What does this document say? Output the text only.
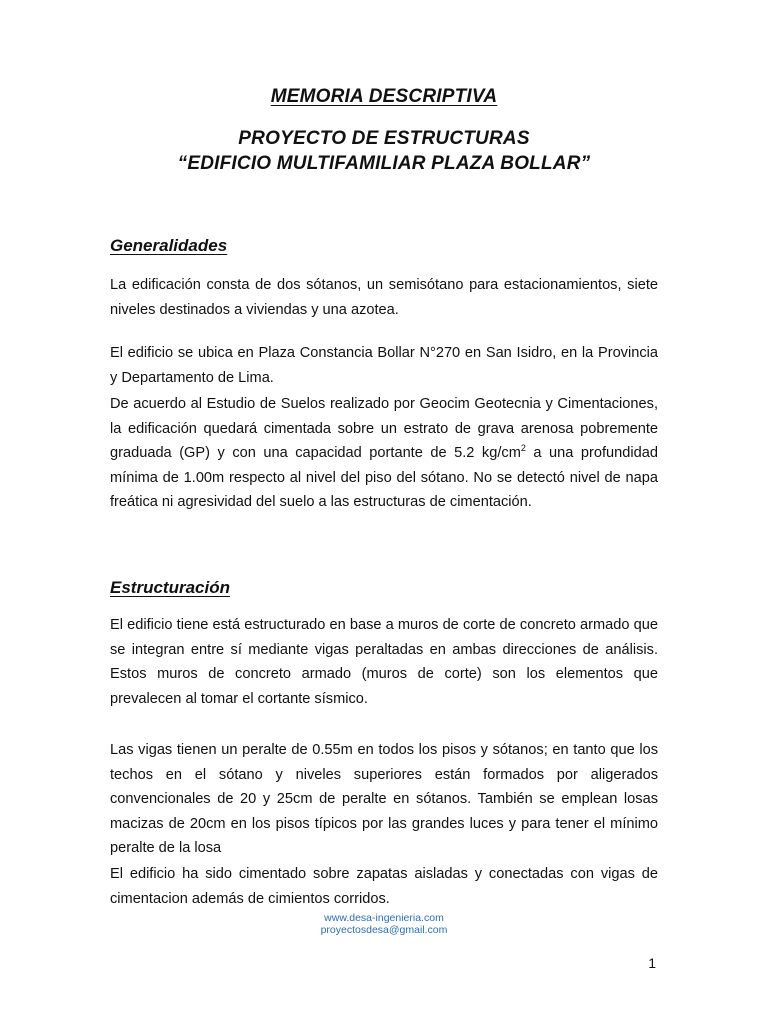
MEMORIA DESCRIPTIVA
PROYECTO DE ESTRUCTURAS
“EDIFICIO MULTIFAMILIAR PLAZA BOLLAR”
Generalidades

La edificación consta de dos sótanos, un semisótano para estacionamientos, siete niveles destinados a viviendas y una azotea.

El edificio se ubica en Plaza Constancia Bollar N°270 en San Isidro, en la Provincia y Departamento de Lima.

De acuerdo al Estudio de Suelos realizado por Geocim Geotecnia y Cimentaciones, la edificación quedará cimentada sobre un estrato de grava arenosa pobremente graduada (GP) y con una capacidad portante de 5.2 $kg/cm^2$ a una profundidad mínima de 1.00m respecto al nivel del piso del sótano. No se detectó nivel de napa freática ni agresividad del suelo a las estructuras de cimentación.

Estructuración

El edificio tiene está estructurado en base a muros de corte de concreto armado que se integran entre sí mediante vigas peraltadas en ambas direcciones de análisis. Estos muros de concreto armado (muros de corte) son los elementos que prevalecen al tomar el cortante sísmico.

Las vigas tienen un peralte de 0.55m en todos los pisos y sótanos; en tanto que los techos en el sótano y niveles superiores están formados por aligerados convencionales de 20 y 25cm de peralte en sótanos. También se emplean losas macizas de 20cm en los pisos típicos por las grandes luces y para tener el mínimo peralte de la losa

El edificio ha sido cimentado sobre zapatas aisladas y conectadas con vigas de cimentacion además de cimientos corridos.

www.desa-ingenieria.com
proyectosdesa@gmail.com
1
